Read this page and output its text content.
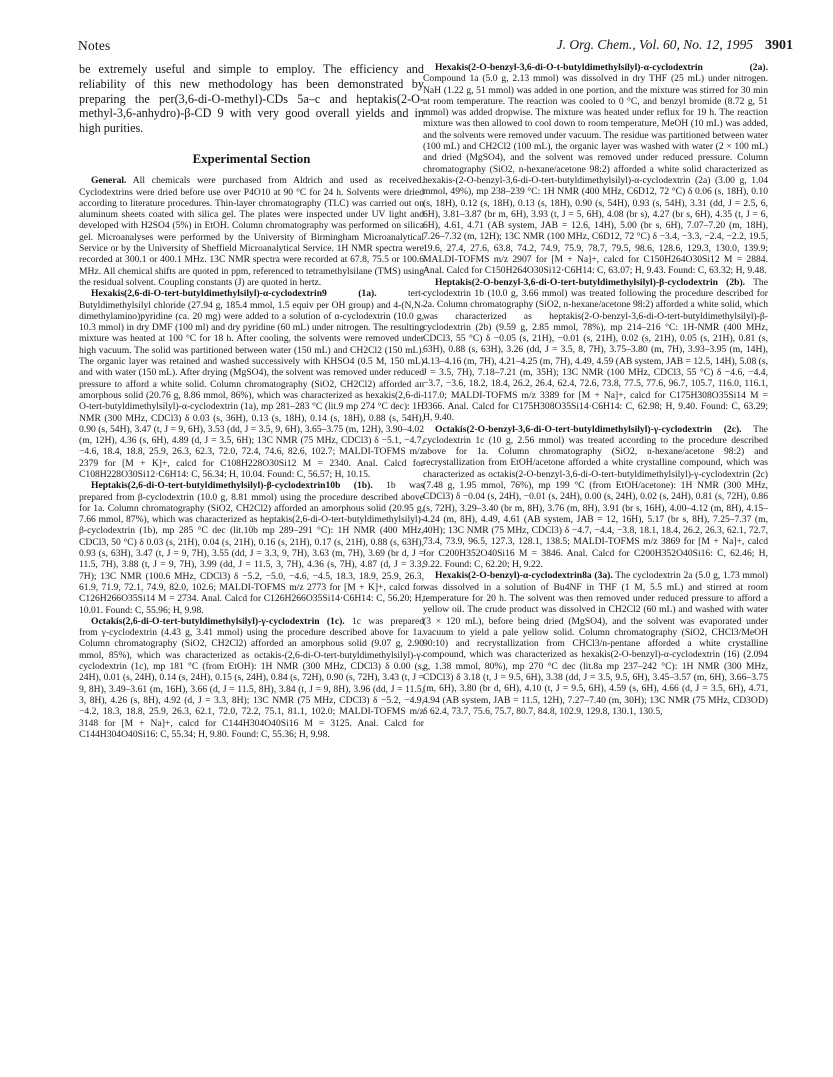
Notes	J. Org. Chem., Vol. 60, No. 12, 1995 3901

be extremely useful and simple to employ. The efficiency and reliability of this new methodology has been demonstrated by preparing the per(3,6-di-O-methyl)-CDs 5a–c and heptakis(2-O-methyl-3,6-anhydro)-β-CD 9 with very good overall yields and in high purities.

Experimental Section

General. All chemicals were purchased from Aldrich and used as received. Cyclodextrins were dried before use over P4O10 at 90 °C for 24 h. Solvents were dried according to literature procedures. Thin-layer chromatography (TLC) was carried out on aluminum sheets coated with silica gel. The plates were inspected under UV light and developed with H2SO4 (5%) in EtOH. Column chromatography was performed on silica gel. Microanalyses were performed by the University of Birmingham Microanalytical Service or by the University of Sheffield Microanalytical Service. 1H NMR spectra were recorded at 300.1 or 400.1 MHz. 13C NMR spectra were recorded at 67.8, 75.5 or 100.6 MHz. All chemical shifts are quoted in ppm, referenced to tetramethylsilane (TMS) using the residual solvent. Coupling constants (J) are quoted in hertz.

Hexakis(2,6-di-O-tert-butyldimethylsilyl)-α-cyclodextrin9 (1a).	tert-Butyldimethylsilyl chloride (27.94 g, 185.4 mmol, 1.5 equiv per OH group) and 4-(N,N-dimethylamino)pyridine (ca. 20 mg) were added to a solution of α-cyclodextrin (10.0 g, 10.3 mmol) in dry DMF (100 ml) and dry pyridine (60 mL) under nitrogen. The resulting mixture was heated at 100 °C for 18 h. After cooling, the solvents were removed under high vacuum. The solid was partitioned between water (150 mL) and CH2Cl2 (150 mL). The organic layer was retained and washed successively with KHSO4 (0.5 M, 150 mL) and with water (150 mL). After drying (MgSO4), the solvent was removed under reduced pressure to afford a white solid. Column chromatography (SiO2, CH2Cl2) afforded an amorphous solid (20.76 g, 8.86 mmol, 86%), which was characterized as hexakis(2,6-di-O-tert-butyldimethylsilyl)-α-cyclodextrin (1a), mp 281–283 °C (lit.9 mp 274 °C dec): 1H NMR (300 MHz, CDCl3) δ 0.03 (s, 36H), 0.13 (s, 18H), 0.14 (s, 18H), 0.88 (s, 54H), 0.90 (s, 54H), 3.47 (t, J = 9, 6H), 3.53 (dd, J = 3.5, 9, 6H), 3.65–3.75 (m, 12H), 3.90–4.02 (m, 12H), 4.36 (s, 6H), 4.89 (d, J = 3.5, 6H); 13C NMR (75 MHz, CDCl3) δ −5.1, −4.7, −4.6, 18.4, 18.8, 25.9, 26.3, 62.3, 72.0, 72.4, 74.6, 82.6, 102.7; MALDI-TOFMS m/z 2379 for [M + K]+, calcd for C108H228O30Si12 M = 2340. Anal. Calcd for C108H228O30Si12·C6H14: C, 56.34; H, 10.04. Found: C, 56.57; H, 10.15.

Heptakis(2,6-di-O-tert-butyldimethylsilyl)-β-cyclodextrin10b (1b). 1b was prepared from β-cyclodextrin (10.0 g, 8.81 mmol) using the procedure described above for 1a. Column chromatography (SiO2, CH2Cl2) afforded an amorphous solid (20.95 g, 7.66 mmol, 87%), which was characterized as heptakis(2,6-di-O-tert-butyldimethylsilyl)-β-cyclodextrin (1b), mp 285 °C dec (lit.10b mp 289–291 °C): 1H NMR (400 MHz, CDCl3, 50 °C) δ 0.03 (s, 21H), 0.04 (s, 21H), 0.16 (s, 21H), 0.17 (s, 21H), 0.88 (s, 63H), 0.93 (s, 63H), 3.47 (t, J = 9, 7H), 3.55 (dd, J = 3.3, 9, 7H), 3.63 (m, 7H), 3.69 (br d, J = 11.5, 7H), 3.88 (t, J = 9, 7H), 3.99 (dd, J = 11.5, 3, 7H), 4.36 (s, 7H), 4.87 (d, J = 3.3, 7H); 13C NMR (100.6 MHz, CDCl3) δ −5.2, −5.0, −4.6, −4.5, 18.3, 18.9, 25.9, 26.3, 61.9, 71.9, 72.1, 74.9, 82.0, 102.6; MALDI-TOFMS m/z 2773 for [M + K]+, calcd for C126H266O35Si14 M = 2734. Anal. Calcd for C126H266O35Si14·C6H14: C, 56.20; H, 10.01. Found: C, 55.96; H, 9.98.

Octakis(2,6-di-O-tert-butyldimethylsilyl)-γ-cyclodextrin (1c). 1c was prepared from γ-cyclodextrin (4.43 g, 3.41 mmol) using the procedure described above for 1a. Column chromatography (SiO2, CH2Cl2) afforded an amorphous solid (9.07 g, 2.90 mmol, 85%), which was characterized as octakis-(2,6-di-O-tert-butyldimethylsilyl)-γ-cyclodextrin (1c), mp 181 °C (from EtOH): 1H NMR (300 MHz, CDCl3) δ 0.00 (s, 24H), 0.01 (s, 24H), 0.14 (s, 24H), 0.15 (s, 24H), 0.84 (s, 72H), 0.90 (s, 72H), 3.43 (t, J = 9, 8H), 3.49–3.61 (m, 16H), 3.66 (d, J = 11.5, 8H), 3.84 (t, J = 9, 8H), 3.96 (dd, J = 11.5, 3, 8H), 4.26 (s, 8H), 4.92 (d, J = 3.3, 8H); 13C NMR (75 MHz, CDCl3) δ −5.2, −4.9, −4.2, 18.3, 18.8, 25.9, 26.3, 62.1, 72.0, 72.2, 75.1, 81.1, 102.0; MALDI-TOFMS m/z 3148 for [M + Na]+, calcd for C144H304O40Si16 M = 3125. Anal. Calcd for C144H304O40Si16: C, 55.34; H, 9.80. Found: C, 55.36; H, 9.98.

Hexakis(2-O-benzyl-3,6-di-O-t-butyldimethylsilyl)-α-cyclodextrin (2a). Compound 1a (5.0 g, 2.13 mmol) was dissolved in dry THF (25 mL) under nitrogen. NaH (1.22 g, 51 mmol) was added in one portion, and the mixture was stirred for 30 min at room temperature. The reaction was cooled to 0 °C, and benzyl bromide (8.72 g, 51 mmol) was added dropwise. The mixture was heated under reflux for 19 h. The reaction mixture was then allowed to cool down to room temperature, MeOH (10 mL) was added, and the solvents were removed under vacuum. The residue was partitioned between water (100 mL) and CH2Cl2 (100 mL), the organic layer was washed with water (2 × 100 mL) and dried (MgSO4), and the solvent was removed under reduced pressure. Column chromatography (SiO2, n-hexane/acetone 98:2) afforded a white solid characterized as hexakis-(2-O-benzyl-3,6-di-O-tert-butyldimethylsilyl)-α-cyclodextrin (2a) (3.00 g, 1.04 mmol, 49%), mp 238–239 °C: 1H NMR (400 MHz, C6D12, 72 °C) δ 0.06 (s, 18H), 0.10 (s, 18H), 0.12 (s, 18H), 0.13 (s, 18H), 0.90 (s, 54H), 0.93 (s, 54H), 3.31 (dd, J = 2.5, 6, 6H), 3.81–3.87 (br m, 6H), 3.93 (t, J = 5, 6H), 4.08 (br s), 4.27 (br s, 6H), 4.35 (t, J = 6, 6H), 4.61, 4.71 (AB system, JAB = 12.6, 14H), 5.00 (br s, 6H), 7.07–7.20 (m, 18H), 7.26–7.32 (m, 12H); 13C NMR (100 MHz, C6D12, 72 °C) δ −3.4, −3.3, −2.4, −2.2, 19.5, 19.6, 27.4, 27.6, 63.8, 74.2, 74.9, 75.9, 78.7, 79.5, 98.6, 128.6, 129.3, 130.0, 139.9; MALDI-TOFMS m/z 2907 for [M + Na]+, calcd for C150H264O30Si12 M = 2884. Anal. Calcd for C150H264O30Si12·C6H14: C, 63.07; H, 9.43. Found: C, 63.32; H, 9.48.

Heptakis(2-O-benzyl-3,6-di-O-tert-butyldimethylsilyl)-β-cyclodextrin (2b). The cyclodextrin 1b (10.0 g, 3.66 mmol) was treated following the procedure described for 2a. Column chromatography (SiO2, n-hexane/acetone 98:2) afforded a white solid, which was characterized as heptakis(2-O-benzyl-3,6-di-O-tert-butyldimethylsilyl)-β-cyclodextrin (2b) (9.59 g, 2.85 mmol, 78%), mp 214–216 °C: 1H-NMR (400 MHz, CDCl3, 55 °C) δ −0.05 (s, 21H), −0.01 (s, 21H), 0.02 (s, 21H), 0.05 (s, 21H), 0.81 (s, 63H), 0.88 (s, 63H), 3.26 (dd, J = 3.5, 8, 7H), 3.75–3.80 (m, 7H), 3.93–3.95 (m, 14H), 4.13–4.16 (m, 7H), 4.21–4.25 (m, 7H), 4.49, 4.59 (AB system, JAB = 12.5, 14H), 5.08 (s, J = 3.5, 7H), 7.18–7.21 (m, 35H); 13C NMR (100 MHz, CDCl3, 55 °C) δ −4.6, −4.4, −3.7, −3.6, 18.2, 18.4, 26.2, 26.4, 62.4, 72.6, 73.8, 77.5, 77.6, 96.7, 105.7, 116.0, 116.1, 117.0; MALDI-TOFMS m/z 3389 for [M + Na]+, calcd for C175H308O35Si14 M = 3366. Anal. Calcd for C175H308O35Si14·C6H14: C, 62.98; H, 9.40. Found: C, 63.29; H, 9.40.

Octakis(2-O-benzyl-3,6-di-O-tert-butyldimethylsilyl)-γ-cyclodextrin (2c). The cyclodextrin 1c (10 g, 2.56 mmol) was treated according to the procedure described above for 1a. Column chromatography (SiO2, n-hexane/acetone 98:2) and recrystallization from EtOH/acetone afforded a white crystalline compound, which was characterized as octakis(2-O-benzyl-3,6-di-O-tert-butyldimethylsilyl)-γ-cyclodextrin (2c) (7.48 g, 1.95 mmol, 76%), mp 199 °C (from EtOH/acetone): 1H NMR (300 MHz, CDCl3) δ −0.04 (s, 24H), −0.01 (s, 24H), 0.00 (s, 24H), 0.02 (s, 24H), 0.81 (s, 72H), 0.86 (s, 72H), 3.29–3.40 (br m, 8H), 3.76 (m, 8H), 3.91 (br s, 16H), 4.00–4.12 (m, 8H), 4.15–4.24 (m, 8H), 4.49, 4.61 (AB system, JAB = 12, 16H), 5.17 (br s, 8H), 7.25–7.37 (m, 40H); 13C NMR (75 MHz, CDCl3) δ −4.7, −4.4, −3.8, 18.1, 18.4, 26.2, 26.3, 62.1, 72.7, 73.4, 73.9, 96.5, 127.3, 128.1, 138.5; MALDI-TOFMS m/z 3869 for [M + Na]+, calcd for C200H352O40Si16 M = 3846. Anal. Calcd for C200H352O40Si16: C, 62.46; H, 9.22. Found: C, 62.20; H, 9.22.

Hexakis(2-O-benzyl)-α-cyclodextrin8a (3a). The cyclodextrin 2a (5.0 g, 1.73 mmol) was dissolved in a solution of Bu4NF in THF (1 M, 5.5 mL) and stirred at room temperature for 20 h. The solvent was then removed under reduced pressure to afford a yellow oil. The crude product was dissolved in CH2Cl2 (60 mL) and washed with water (3 × 120 mL), before being dried (MgSO4), and the solvent was evaporated under vacuum to yield a pale yellow solid. Column chromatography (SiO2, CHCl3/MeOH 90:10) and recrystallization from CHCl3/n-pentane afforded a white crystalline compound, which was characterized as hexakis(2-O-benzyl)-α-cyclodextrin (16) (2.094 g, 1.38 mmol, 80%), mp 270 °C dec (lit.8a mp 237–242 °C): 1H NMR (300 MHz, CDCl3) δ 3.18 (t, J = 9.5, 6H), 3.38 (dd, J = 3.5, 9.5, 6H), 3.45–3.57 (m, 6H), 3.66–3.75 (m, 6H), 3.80 (br d, 6H), 4.10 (t, J = 9.5, 6H), 4.59 (s, 6H), 4.66 (d, J = 3.5, 6H), 4.71, 4.94 (AB system, JAB = 11.5, 12H), 7.27–7.40 (m, 30H); 13C NMR (75 MHz, CD3OD) δ 62.4, 73.7, 75.6, 75.7, 80.7, 84.8, 102.9, 129.8, 130.1, 130.5,
